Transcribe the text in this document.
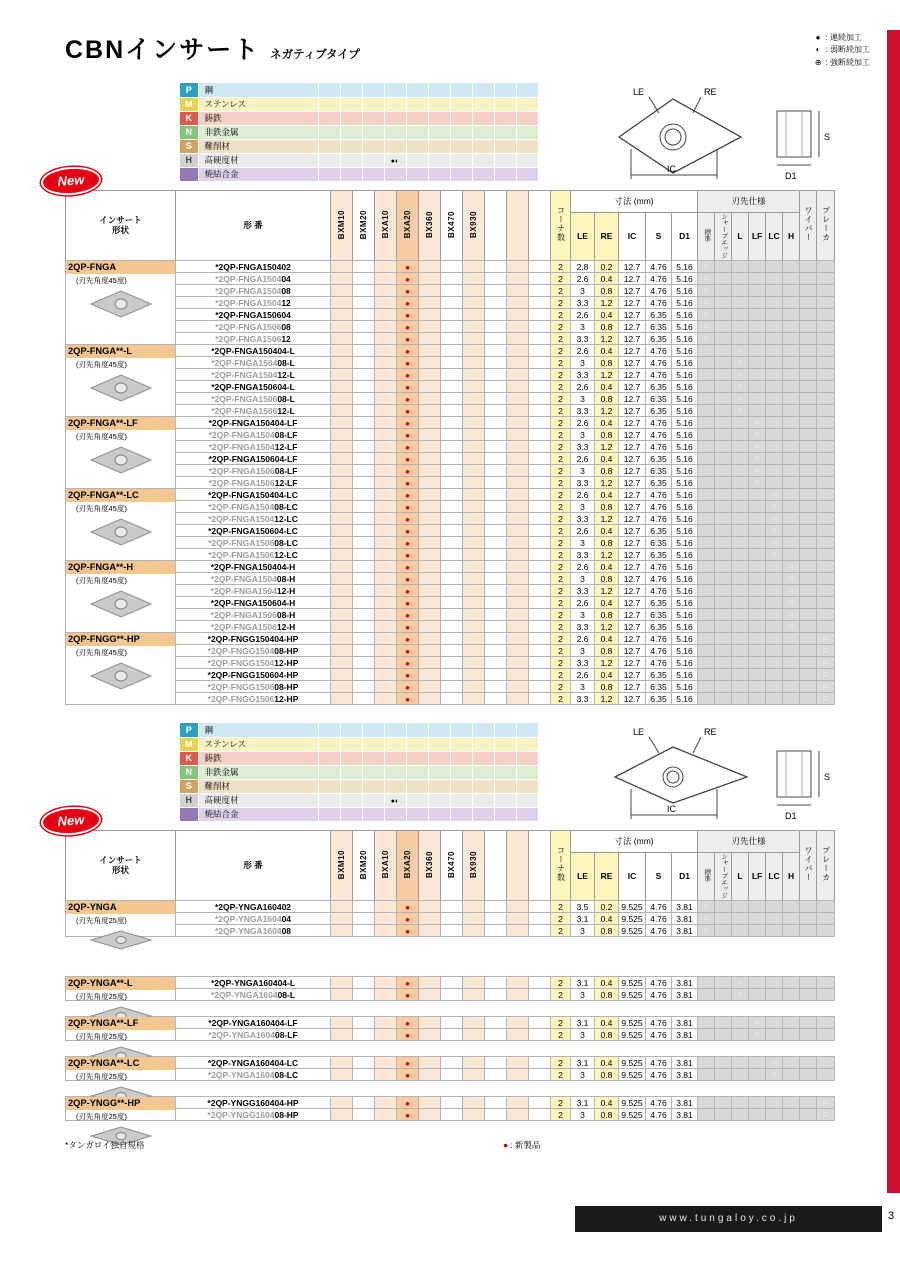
CBNインサート ネガティブタイプ
● : 連続加工
◐ : 弱断続加工
⊕ : 強断続加工
P	鋼										
M	ステンレス										
K	鋳鉄										
N	非鉄金属										
S	難削材										
H	高硬度材				●◐						
	焼結合金										
LE	RE
IC
S
D1
New
インサート
形状	形 番	BXM10	BXM20	BXA10	BXA20	BX360	BX470	BX930				コーナ数	寸法 (mm)					刃先仕様						ワイパー	ブレーカ
													LE	RE	IC	S	D1	標準	シャープエッジ	L	LF	LC	H		
2QP-FNGA
(刃先角度45度)	*2QP-FNGA150402				●							2	2.8	0.2	12.7	4.76	5.16	○							
	*2QP-FNGA150404				●							2	2.6	0.4	12.7	4.76	5.16	○							
	*2QP-FNGA150408				●							2	3	0.8	12.7	4.76	5.16	○							
	*2QP-FNGA150412				●							2	3.3	1.2	12.7	4.76	5.16	○							
	*2QP-FNGA150604				●							2	2.6	0.4	12.7	6.35	5.16	○							
	*2QP-FNGA150608				●							2	3	0.8	12.7	6.35	5.16	○							
	*2QP-FNGA150612				●							2	3.3	1.2	12.7	6.35	5.16	○							
2QP-FNGA**-L
(刃先角度45度)	*2QP-FNGA150404-L				●							2	2.6	0.4	12.7	4.76	5.16			○					
	*2QP-FNGA150408-L				●							2	3	0.8	12.7	4.76	5.16			○					
	*2QP-FNGA150412-L				●							2	3.3	1.2	12.7	4.76	5.16			○					
	*2QP-FNGA150604-L				●							2	2.6	0.4	12.7	6.35	5.16			○					
	*2QP-FNGA150608-L				●							2	3	0.8	12.7	6.35	5.16			○					
	*2QP-FNGA150612-L				●							2	3.3	1.2	12.7	6.35	5.16			○					
2QP-FNGA**-LF
(刃先角度45度)	*2QP-FNGA150404-LF				●							2	2.6	0.4	12.7	4.76	5.16				○				
	*2QP-FNGA150408-LF				●							2	3	0.8	12.7	4.76	5.16				○				
	*2QP-FNGA150412-LF				●							2	3.3	1.2	12.7	4.76	5.16				○				
	*2QP-FNGA150604-LF				●							2	2.6	0.4	12.7	6.35	5.16				○				
	*2QP-FNGA150608-LF				●							2	3	0.8	12.7	6.35	5.16				○				
	*2QP-FNGA150612-LF				●							2	3.3	1.2	12.7	6.35	5.16				○				
2QP-FNGA**-LC
(刃先角度45度)	*2QP-FNGA150404-LC				●							2	2.6	0.4	12.7	4.76	5.16					○			
	*2QP-FNGA150408-LC				●							2	3	0.8	12.7	4.76	5.16					○			
	*2QP-FNGA150412-LC				●							2	3.3	1.2	12.7	4.76	5.16					○			
	*2QP-FNGA150604-LC				●							2	2.6	0.4	12.7	6.35	5.16					○			
	*2QP-FNGA150608-LC				●							2	3	0.8	12.7	6.35	5.16					○			
	*2QP-FNGA150612-LC				●							2	3.3	1.2	12.7	6.35	5.16					○			
2QP-FNGA**-H
(刃先角度45度)	*2QP-FNGA150404-H				●							2	2.6	0.4	12.7	4.76	5.16						○		
	*2QP-FNGA150408-H				●							2	3	0.8	12.7	4.76	5.16						○		
	*2QP-FNGA150412-H				●							2	3.3	1.2	12.7	4.76	5.16						○		
	*2QP-FNGA150604-H				●							2	2.6	0.4	12.7	6.35	5.16						○		
	*2QP-FNGA150608-H				●							2	3	0.8	12.7	6.35	5.16						○		
	*2QP-FNGA150612-H				●							2	3.3	1.2	12.7	6.35	5.16						○		
2QP-FNGG**-HP
(刃先角度45度)	*2QP-FNGG150404-HP				●							2	2.6	0.4	12.7	4.76	5.16								○
	*2QP-FNGG150408-HP				●							2	3	0.8	12.7	4.76	5.16								○
	*2QP-FNGG150412-HP				●							2	3.3	1.2	12.7	4.76	5.16								○
	*2QP-FNGG150604-HP				●							2	2.6	0.4	12.7	6.35	5.16								○
	*2QP-FNGG150608-HP				●							2	3	0.8	12.7	6.35	5.16								○
	*2QP-FNGG150612-HP				●							2	3.3	1.2	12.7	6.35	5.16								○
P	鋼										
M	ステンレス										
K	鋳鉄										
N	非鉄金属										
S	難削材										
H	高硬度材				●◐						
	焼結合金										
LE	RE
IC
S
D1
New
インサート
形状	形 番	BXM10	BXM20	BXA10	BXA20	BX360	BX470	BX930				コーナ数	寸法 (mm)					刃先仕様						ワイパー	ブレーカ
													LE	RE	IC	S	D1	標準	シャープエッジ	L	LF	LC	H		
2QP-YNGA
(刃先角度25度)	*2QP-YNGA160402				●							2	3.5	0.2	9.525	4.76	3.81	○							
	*2QP-YNGA160404				●							2	3.1	0.4	9.525	4.76	3.81	○							
	*2QP-YNGA160408				●							2	3	0.8	9.525	4.76	3.81	○							
2QP-YNGA**-L
(刃先角度25度)	*2QP-YNGA160404-L				●							2	3.1	0.4	9.525	4.76	3.81			○					
	*2QP-YNGA160408-L				●							2	3	0.8	9.525	4.76	3.81			○					
2QP-YNGA**-LF
(刃先角度25度)	*2QP-YNGA160404-LF				●							2	3.1	0.4	9.525	4.76	3.81				○				
	*2QP-YNGA160408-LF				●							2	3	0.8	9.525	4.76	3.81				○				
2QP-YNGA**-LC
(刃先角度25度)	*2QP-YNGA160404-LC				●							2	3.1	0.4	9.525	4.76	3.81					○			
	*2QP-YNGA160408-LC				●							2	3	0.8	9.525	4.76	3.81					○			
2QP-YNGG**-HP
(刃先角度25度)	*2QP-YNGG160404-HP				●							2	3.1	0.4	9.525	4.76	3.81								○
	*2QP-YNGG160408-HP				●							2	3	0.8	9.525	4.76	3.81								○
*タンガロイ独自規格	● : 新製品
www.tungaloy.co.jp	3
